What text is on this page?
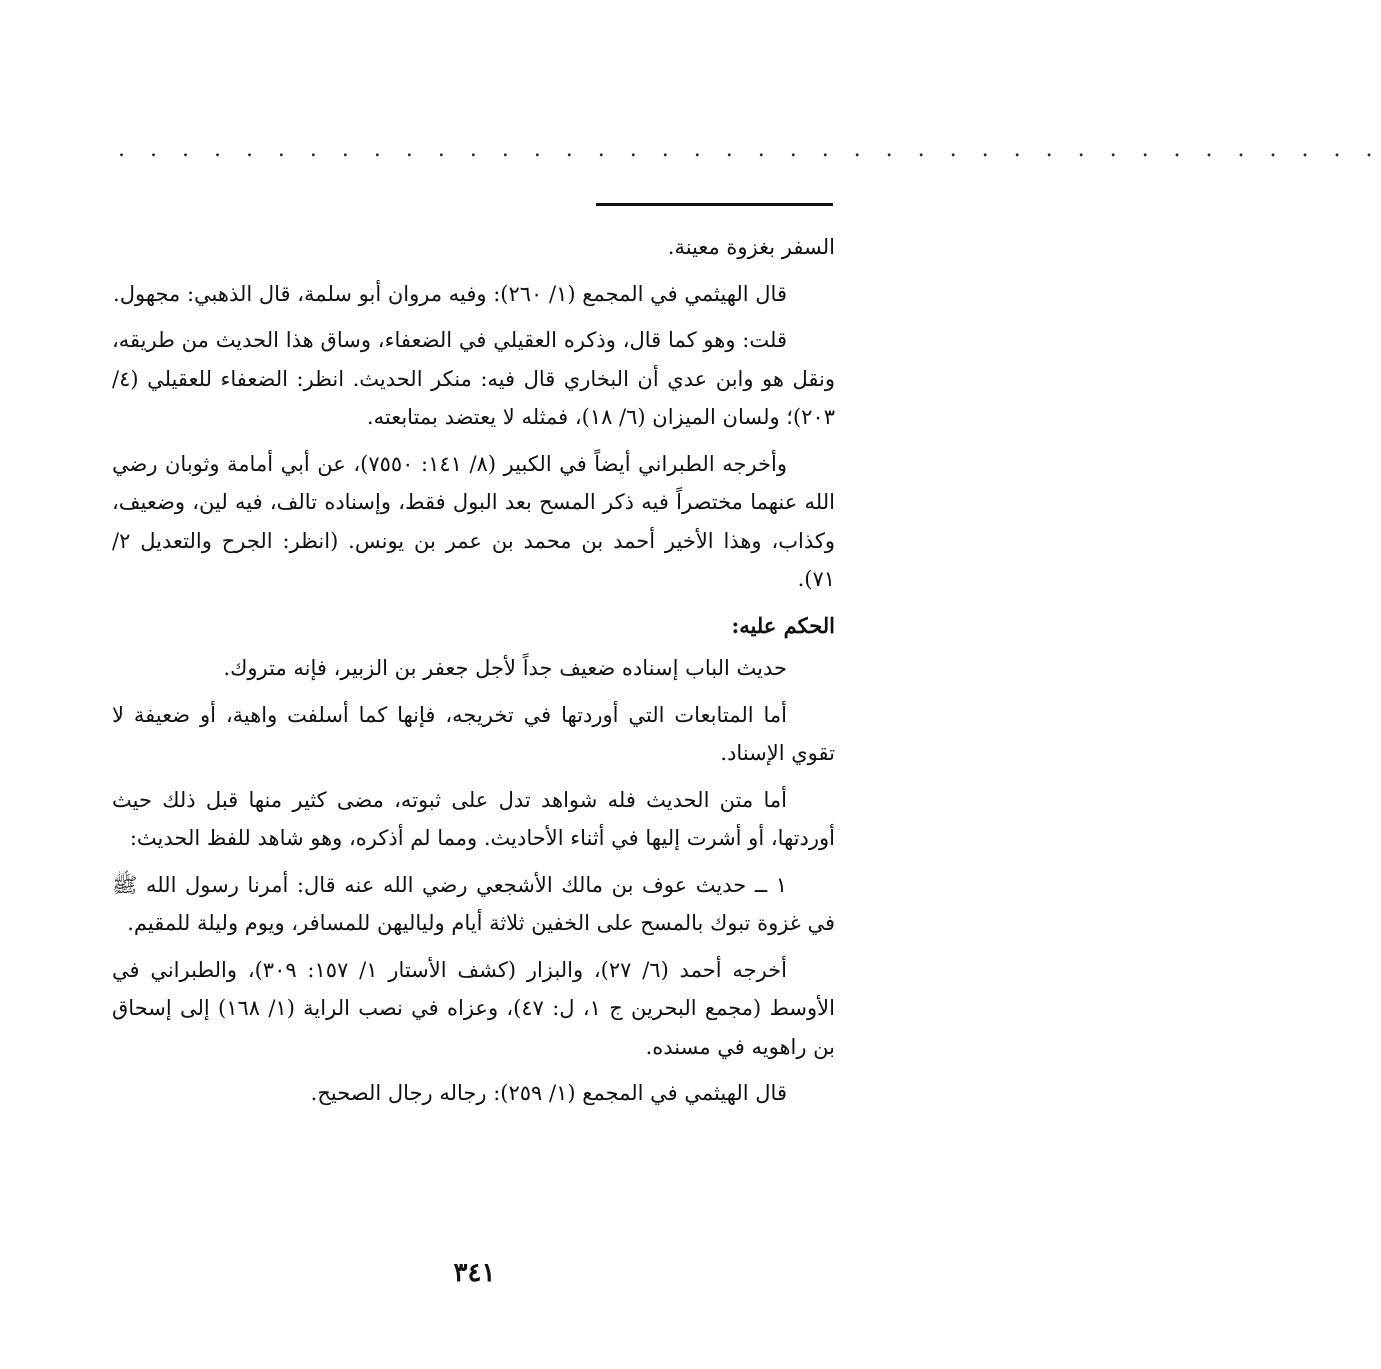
. . . . . . . . . . . . . . . . . . . . . . . . . . . . . . . . . . . . . . . .

السفر بغزوة معينة.

قال الهيثمي في المجمع (١/ ٢٦٠): وفيه مروان أبو سلمة، قال الذهبي: مجهول.

قلت: وهو كما قال، وذكره العقيلي في الضعفاء، وساق هذا الحديث من طريقه، ونقل هو وابن عدي أن البخاري قال فيه: منكر الحديث. انظر: الضعفاء للعقيلي (٤/ ٢٠٣)؛ ولسان الميزان (٦/ ١٨)، فمثله لا يعتضد بمتابعته.

وأخرجه الطبراني أيضاً في الكبير (٨/ ١٤١: ٧٥٥٠)، عن أبي أمامة وثوبان رضي الله عنهما مختصراً فيه ذكر المسح بعد البول فقط، وإسناده تالف، فيه لين، وضعيف، وكذاب، وهذا الأخير أحمد بن محمد بن عمر بن يونس. (انظر: الجرح والتعديل ٢/ ٧١).

الحكم عليه:

حديث الباب إسناده ضعيف جداً لأجل جعفر بن الزبير، فإنه متروك.

أما المتابعات التي أوردتها في تخريجه، فإنها كما أسلفت واهية، أو ضعيفة لا تقوي الإسناد.

أما متن الحديث فله شواهد تدل على ثبوته، مضى كثير منها قبل ذلك حيث أوردتها، أو أشرت إليها في أثناء الأحاديث. ومما لم أذكره، وهو شاهد للفظ الحديث:

١ ــ حديث عوف بن مالك الأشجعي رضي الله عنه قال: أمرنا رسول الله ﷺ في غزوة تبوك بالمسح على الخفين ثلاثة أيام ولياليهن للمسافر، ويوم وليلة للمقيم.

أخرجه أحمد (٦/ ٢٧)، والبزار (كشف الأستار ١/ ١٥٧: ٣٠٩)، والطبراني في الأوسط (مجمع البحرين ج ١، ل: ٤٧)، وعزاه في نصب الراية (١/ ١٦٨) إلى إسحاق بن راهويه في مسنده.

قال الهيثمي في المجمع (١/ ٢٥٩): رجاله رجال الصحيح.

٣٤١
